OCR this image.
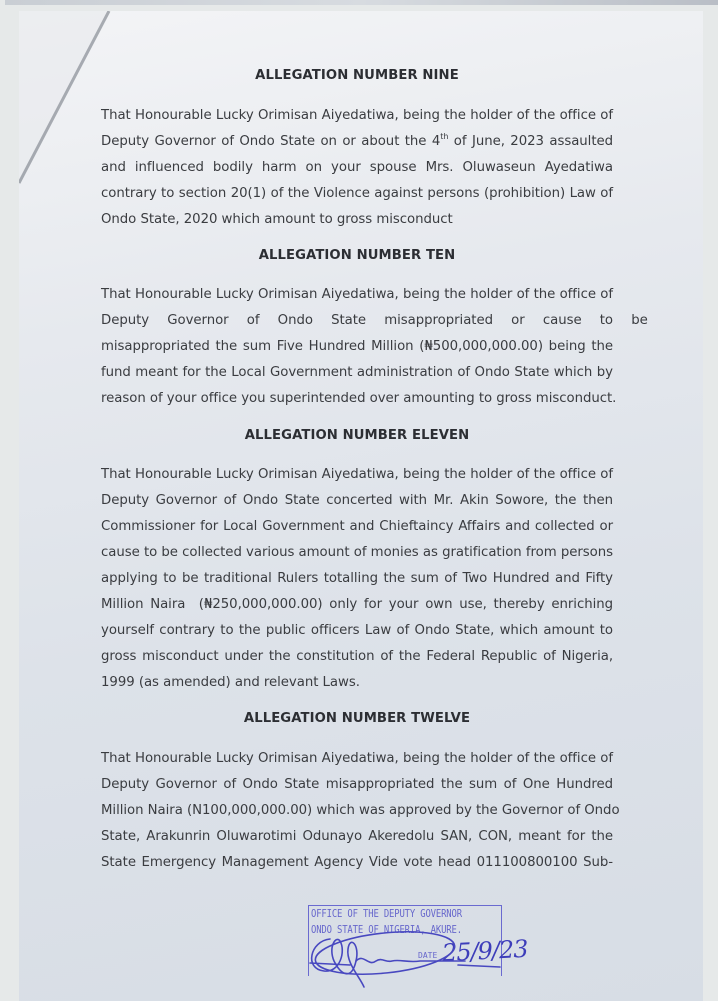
ALLEGATION NUMBER NINE
That Honourable Lucky Orimisan Aiyedatiwa, being the holder of the office of
Deputy Governor of Ondo State on or about the 4th of June, 2023 assaulted
and influenced bodily harm on your spouse Mrs. Oluwaseun Ayedatiwa
contrary to section 20(1) of the Violence against persons (prohibition) Law of
Ondo State, 2020 which amount to gross misconduct
ALLEGATION NUMBER TEN
That Honourable Lucky Orimisan Aiyedatiwa, being the holder of the office of
Deputy Governor of Ondo State misappropriated or cause to be
misappropriated the sum Five Hundred Million (₦500,000,000.00) being the
fund meant for the Local Government administration of Ondo State which by
reason of your office you superintended over amounting to gross misconduct.
ALLEGATION NUMBER ELEVEN
That Honourable Lucky Orimisan Aiyedatiwa, being the holder of the office of
Deputy Governor of Ondo State concerted with Mr. Akin Sowore, the then
Commissioner for Local Government and Chieftaincy Affairs and collected or
cause to be collected various amount of monies as gratification from persons
applying to be traditional Rulers totalling the sum of Two Hundred and Fifty
Million Naira  (₦250,000,000.00) only for your own use, thereby enriching
yourself contrary to the public officers Law of Ondo State, which amount to
gross misconduct under the constitution of the Federal Republic of Nigeria,
1999 (as amended) and relevant Laws.
ALLEGATION NUMBER TWELVE
That Honourable Lucky Orimisan Aiyedatiwa, being the holder of the office of
Deputy Governor of Ondo State misappropriated the sum of One Hundred
Million Naira (N100,000,000.00) which was approved by the Governor of Ondo
State, Arakunrin Oluwarotimi Odunayo Akeredolu SAN, CON, meant for the
State Emergency Management Agency Vide vote head 011100800100 Sub-
OFFICE OF THE DEPUTY GOVERNOR
ONDO STATE OF NIGERIA, AKURE.
DATE 25/9/23
